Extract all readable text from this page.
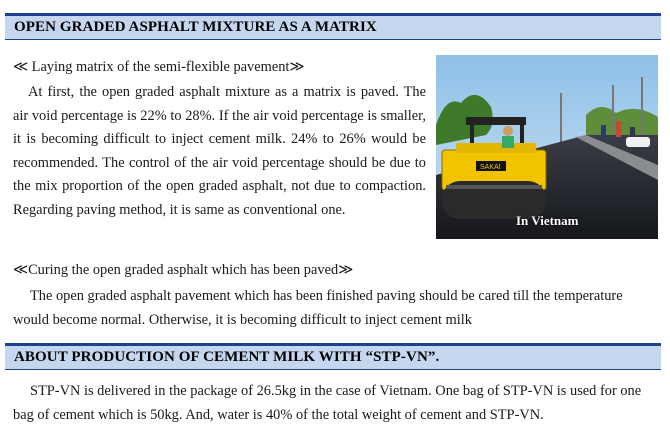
OPEN GRADED ASPHALT MIXTURE AS A MATRIX
≪ Laying matrix of the semi-flexible pavement≫
At first, the open graded asphalt mixture as a matrix is paved. The air void percentage is 22% to 28%. If the air void percentage is smaller, it is becoming difficult to inject cement milk. 24% to 26% would be recommended. The control of the air void percentage should be due to the mix proportion of the open graded asphalt, not due to compaction. Regarding paving method, it is same as conventional one.
SAKAI
In Vietnam
≪Curing the open graded asphalt which has been paved≫
The open graded asphalt pavement which has been finished paving should be cared till the temperature would become normal. Otherwise, it is becoming difficult to inject cement milk
ABOUT PRODUCTION OF CEMENT MILK WITH “STP-VN”.
STP-VN is delivered in the package of 26.5kg in the case of Vietnam. One bag of STP-VN is used for one bag of cement which is 50kg. And, water is 40% of the total weight of cement and STP-VN.
